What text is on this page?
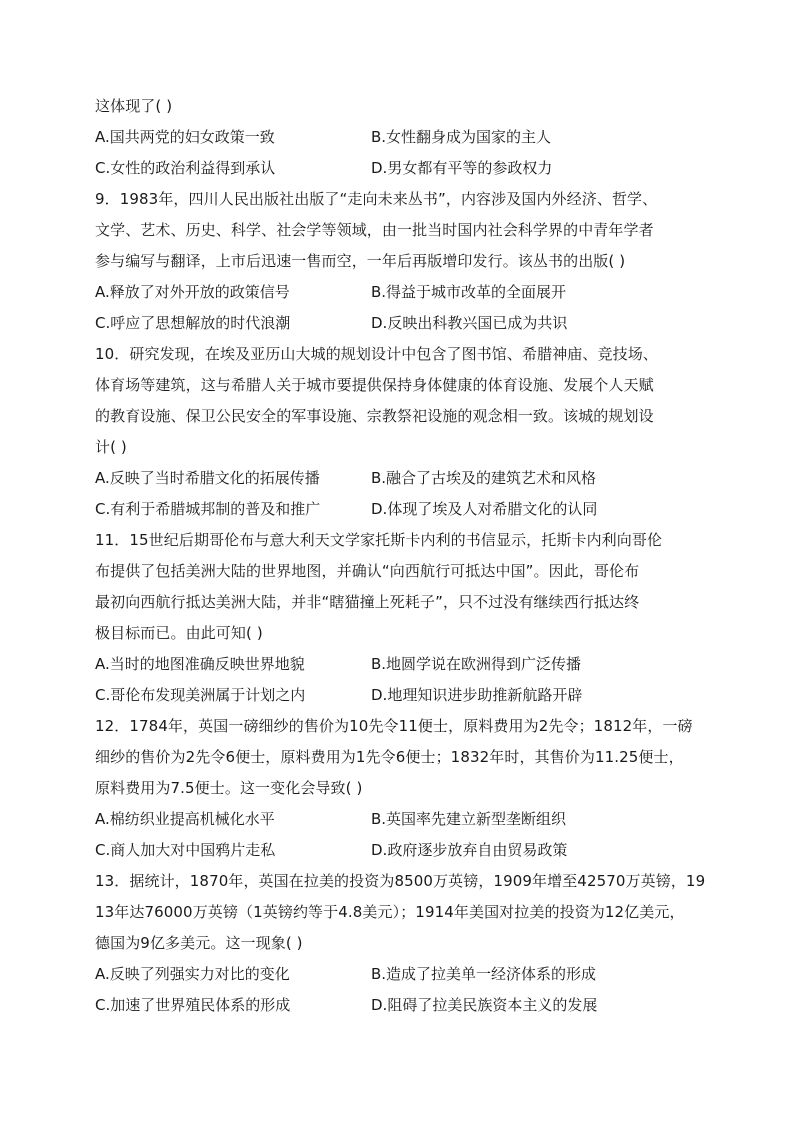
这体现了( )
A.国共两党的妇女政策一致	B.女性翻身成为国家的主人
C.女性的政治利益得到承认	D.男女都有平等的参政权力
9．1983年，四川人民出版社出版了“走向未来丛书”，内容涉及国内外经济、哲学、
文学、艺术、历史、科学、社会学等领域，由一批当时国内社会科学界的中青年学者
参与编写与翻译，上市后迅速一售而空，一年后再版增印发行。该丛书的出版( )
A.释放了对外开放的政策信号	B.得益于城市改革的全面展开
C.呼应了思想解放的时代浪潮	D.反映出科教兴国已成为共识
10．研究发现，在埃及亚历山大城的规划设计中包含了图书馆、希腊神庙、竞技场、
体育场等建筑，这与希腊人关于城市要提供保持身体健康的体育设施、发展个人天赋
的教育设施、保卫公民安全的军事设施、宗教祭祀设施的观念相一致。该城的规划设
计( )
A.反映了当时希腊文化的拓展传播	B.融合了古埃及的建筑艺术和风格
C.有利于希腊城邦制的普及和推广	D.体现了埃及人对希腊文化的认同
11．15世纪后期哥伦布与意大利天文学家托斯卡内利的书信显示，托斯卡内利向哥伦
布提供了包括美洲大陆的世界地图，并确认“向西航行可抵达中国”。因此，哥伦布
最初向西航行抵达美洲大陆，并非“瞎猫撞上死耗子”，只不过没有继续西行抵达终
极目标而已。由此可知( )
A.当时的地图准确反映世界地貌	B.地圆学说在欧洲得到广泛传播
C.哥伦布发现美洲属于计划之内	D.地理知识进步助推新航路开辟
12．1784年，英国一磅细纱的售价为10先令11便士，原料费用为2先令；1812年，一磅
细纱的售价为2先令6便士，原料费用为1先令6便士；1832年时，其售价为11.25便士，
原料费用为7.5便士。这一变化会导致( )
A.棉纺织业提高机械化水平	B.英国率先建立新型垄断组织
C.商人加大对中国鸦片走私	D.政府逐步放弃自由贸易政策
13．据统计，1870年，英国在拉美的投资为8500万英镑，1909年增至42570万英镑，19
13年达76000万英镑（1英镑约等于4.8美元）；1914年美国对拉美的投资为12亿美元，
德国为9亿多美元。这一现象( )
A.反映了列强实力对比的变化	B.造成了拉美单一经济体系的形成
C.加速了世界殖民体系的形成	D.阻碍了拉美民族资本主义的发展
